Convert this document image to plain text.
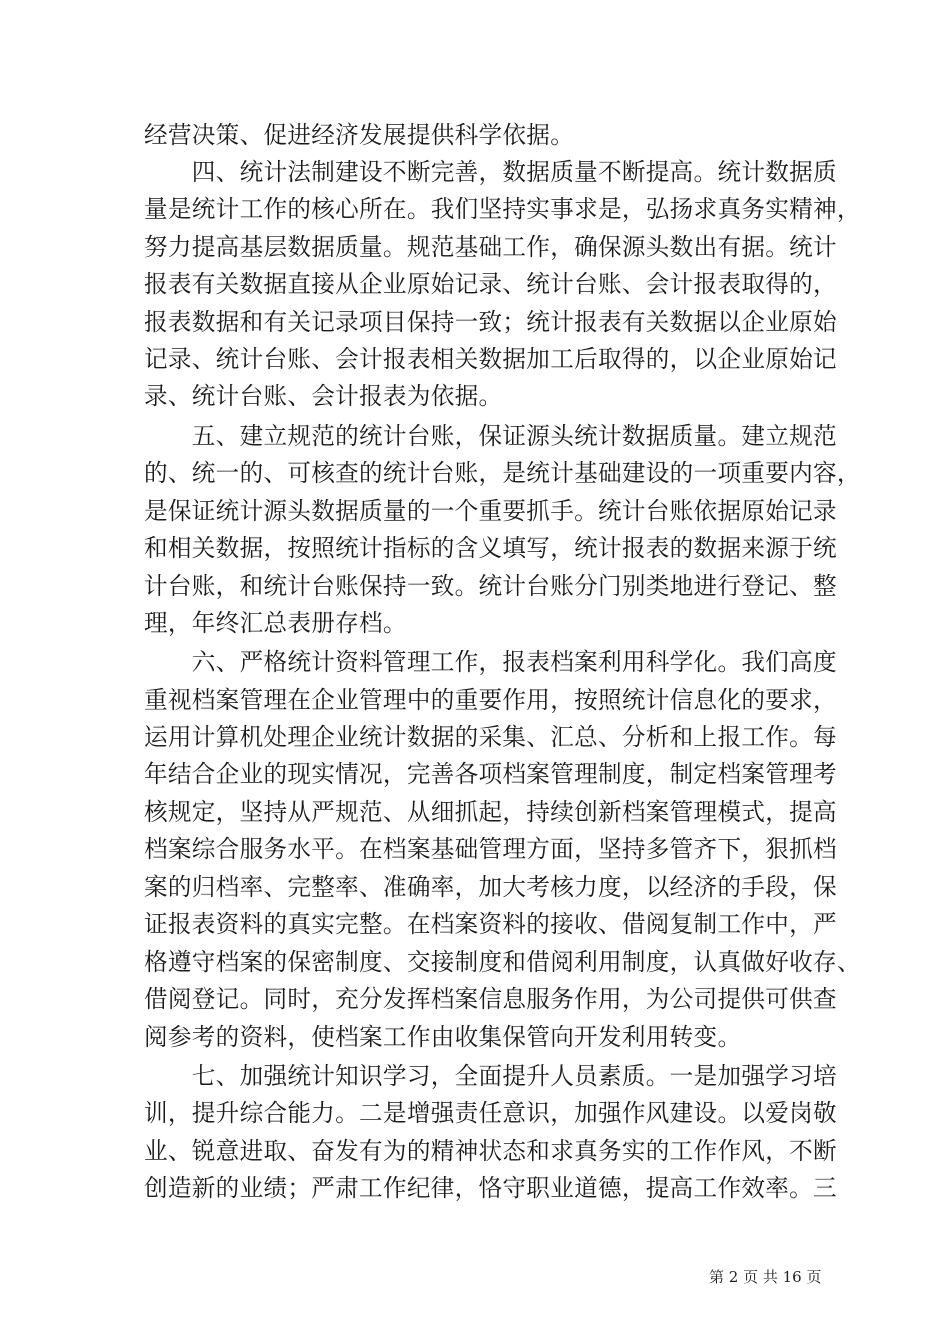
经营决策、促进经济发展提供科学依据。
　　四、统计法制建设不断完善，数据质量不断提高。统计数据质
量是统计工作的核心所在。我们坚持实事求是，弘扬求真务实精神，
努力提高基层数据质量。规范基础工作，确保源头数出有据。统计
报表有关数据直接从企业原始记录、统计台账、会计报表取得的，
报表数据和有关记录项目保持一致；统计报表有关数据以企业原始
记录、统计台账、会计报表相关数据加工后取得的，以企业原始记
录、统计台账、会计报表为依据。
　　五、建立规范的统计台账，保证源头统计数据质量。建立规范
的、统一的、可核查的统计台账，是统计基础建设的一项重要内容，
是保证统计源头数据质量的一个重要抓手。统计台账依据原始记录
和相关数据，按照统计指标的含义填写，统计报表的数据来源于统
计台账，和统计台账保持一致。统计台账分门别类地进行登记、整
理，年终汇总表册存档。
　　六、严格统计资料管理工作，报表档案利用科学化。我们高度
重视档案管理在企业管理中的重要作用，按照统计信息化的要求，
运用计算机处理企业统计数据的采集、汇总、分析和上报工作。每
年结合企业的现实情况，完善各项档案管理制度，制定档案管理考
核规定，坚持从严规范、从细抓起，持续创新档案管理模式，提高
档案综合服务水平。在档案基础管理方面，坚持多管齐下，狠抓档
案的归档率、完整率、准确率，加大考核力度，以经济的手段，保
证报表资料的真实完整。在档案资料的接收、借阅复制工作中，严
格遵守档案的保密制度、交接制度和借阅利用制度，认真做好收存、
借阅登记。同时，充分发挥档案信息服务作用，为公司提供可供查
阅参考的资料，使档案工作由收集保管向开发利用转变。
　　七、加强统计知识学习，全面提升人员素质。一是加强学习培
训，提升综合能力。二是增强责任意识，加强作风建设。以爱岗敬
业、锐意进取、奋发有为的精神状态和求真务实的工作作风，不断
创造新的业绩；严肃工作纪律，恪守职业道德，提高工作效率。三
第 2 页 共 16 页
